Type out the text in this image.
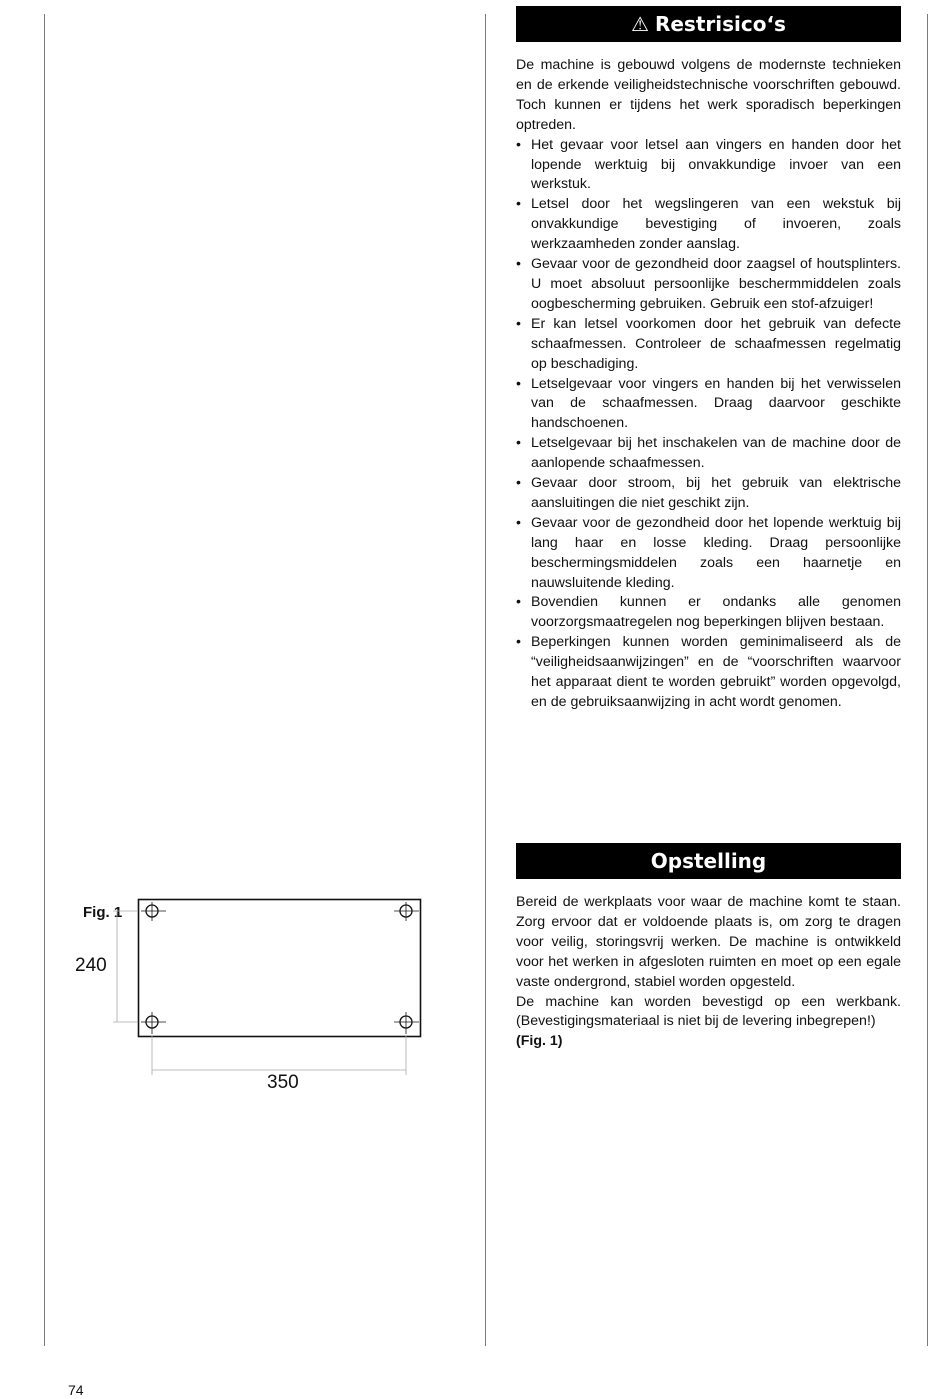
⚠ Restrisico‘s

De machine is gebouwd volgens de modernste technieken en de erkende veiligheidstechnische voorschriften gebouwd. Toch kunnen er tijdens het werk sporadisch beperkingen optreden.

• Het gevaar voor letsel aan vingers en handen door het lopende werktuig bij onvakkundige invoer van een werkstuk.
• Letsel door het wegslingeren van een wekstuk bij onvakkundige bevestiging of invoeren, zoals werkzaamheden zonder aanslag.
• Gevaar voor de gezondheid door zaagsel of houtsplinters. U moet absoluut persoonlijke beschermmiddelen zoals oogbescherming gebruiken. Gebruik een stof-afzuiger!
• Er kan letsel voorkomen door het gebruik van defecte schaafmessen. Controleer de schaafmessen regelmatig op beschadiging.
• Letselgevaar voor vingers en handen bij het verwisselen van de schaafmessen. Draag daarvoor geschikte handschoenen.
• Letselgevaar bij het inschakelen van de machine door de aanlopende schaafmessen.
• Gevaar door stroom, bij het gebruik van elektrische aansluitingen die niet geschikt zijn.
• Gevaar voor de gezondheid door het lopende werktuig bij lang haar en losse kleding. Draag persoonlijke beschermingsmiddelen zoals een haarnetje en nauwsluitende kleding.
• Bovendien kunnen er ondanks alle genomen voorzorgsmaatregelen nog beperkingen blijven bestaan.
• Beperkingen kunnen worden geminimaliseerd als de “veiligheidsaanwijzingen” en de “voorschriften waarvoor het apparaat dient te worden gebruikt” worden opgevolgd, en de gebruiksaanwijzing in acht wordt genomen.
Opstelling

Bereid de werkplaats voor waar de machine komt te staan. Zorg ervoor dat er voldoende plaats is, om zorg te dragen voor veilig, storingsvrij werken. De machine is ontwikkeld voor het werken in afgesloten ruimten en moet op een egale vaste ondergrond, stabiel worden opgesteld.

De machine kan worden bevestigd op een werkbank. (Bevestigingsmateriaal is niet bij de levering inbegrepen!)

(Fig. 1)

Fig. 1
240
350
74
